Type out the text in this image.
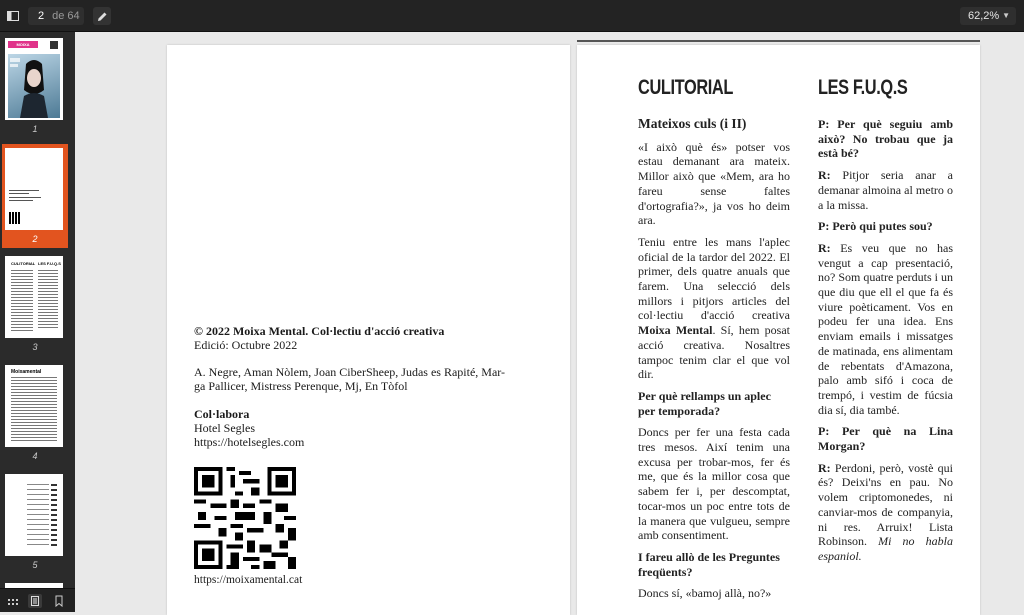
2 de 64	62,2% ▼
MOIXA MENTAL
1
2
CULITORIAL LES F.U.Q.S
3
Moixamental
4
5
© 2022 Moixa Mental. Col·lectiu d'acció creativa
Edició: Octubre 2022
A. Negre, Aman Nòlem, Joan CiberSheep, Judas es Rapité, Mar-
ga Pallicer, Mistress Perenque, Mj, En Tòfol
Col·labora
Hotel Segles
https://hotelsegles.com
https://moixamental.cat
CULITORIAL	LES F.U.Q.S

Mateixos culs (i II)

«I això què és» potser vos estau demanant ara mateix. Millor això que «Mem, ara ho fareu sense faltes d'ortografia?», ja vos ho deim ara.

Teniu entre les mans l'aplec oficial de la tardor del 2022. El primer, dels quatre anuals que farem. Una selecció dels millors i pitjors articles del col·lectiu d'acció creativa Moixa Mental. Sí, hem posat acció creativa. Nosaltres tampoc tenim clar el que vol dir.

Per què rellamps un aplec per temporada?

Doncs per fer una festa cada tres mesos. Així tenim una excusa per trobar-mos, fer és me, que és la millor cosa que sabem fer i, per descomptat, tocar-mos un poc entre tots de la manera que vulgueu, sempre amb consentiment.

I fareu allò de les Preguntes freqüents?

Doncs sí, «bamoj allà, no?»

P: Per què seguiu amb això? No trobau que ja està bé?

R: Pitjor seria anar a demanar almoina al metro o a la missa.

P: Però qui putes sou?

R: Es veu que no has vengut a cap presentació, no? Som quatre perduts i un que diu que ell el que fa és viure poèticament. Vos en podeu fer una idea. Ens enviam emails i missatges de matinada, ens alimentam de rebentats d'Amazona, palo amb sifó i coca de trempó, i vestim de fúcsia dia sí, dia també.

P: Per què na Lina Morgan?

R: Perdoni, però, vostè qui és? Deixi'ns en pau. No volem criptomonedes, ni canviar-mos de companyia, ni res. Arruix! Lista Robinson. Mi no habla espaniol.
